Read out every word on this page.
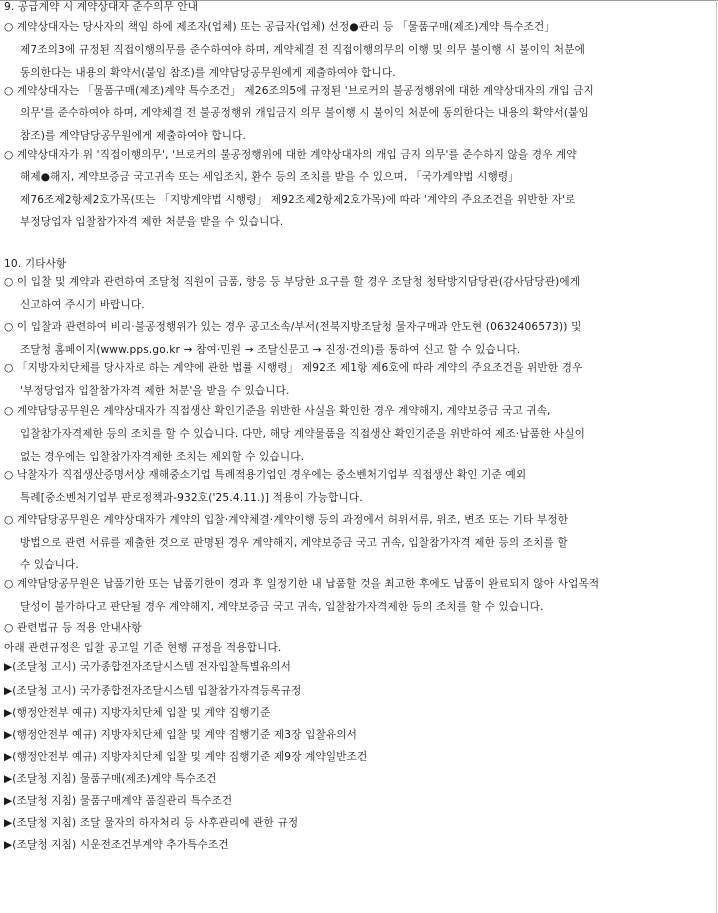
9. 공급계약 시 계약상대자 준수의무 안내
○ 계약상대자는 당사자의 책임 하에 제조자(업체) 또는 공급자(업체) 선정●관리 등 「물품구매(제조)계약 특수조건」
제7조의3에 규정된 직접이행의무를 준수하여야 하며, 계약체결 전 직접이행의무의 이행 및 의무 불이행 시 불이익 처분에
동의한다는 내용의 확약서(붙임 참조)를 계약담당공무원에게 제출하여야 합니다.
○ 계약상대자는 「물품구매(제조)계약 특수조건」 제26조의5에 규정된 '브로커의 불공정행위에 대한 계약상대자의 개입 금지
의무'를 준수하여야 하며, 계약체결 전 불공정행위 개입금지 의무 불이행 시 불이익 처분에 동의한다는 내용의 확약서(붙임
참조)를 계약담당공무원에게 제출하여야 합니다.
○ 계약상대자가 위 '직접이행의무', '브로커의 불공정행위에 대한 계약상대자의 개입 금지 의무'를 준수하지 않을 경우 계약
해제●해지, 계약보증금 국고귀속 또는 세입조치, 환수 등의 조치를 받을 수 있으며, 「국가계약법 시행령」
제76조제2항제2호가목(또는 「지방계약법 시행령」 제92조제2항제2호가목)에 따라 '계약의 주요조건을 위반한 자'로
부정당업자 입찰참가자격 제한 처분을 받을 수 있습니다.
10. 기타사항
○ 이 입찰 및 계약과 관련하여 조달청 직원이 금품, 향응 등 부당한 요구를 할 경우 조달청 청탁방지담당관(감사담당관)에게
신고하여 주시기 바랍니다.
○ 이 입찰과 관련하여 비리·불공정행위가 있는 경우 공고소속/부서(전북지방조달청 물자구매과 안도현 (0632406573)) 및
조달청 홈페이지(www.pps.go.kr → 참여·민원 → 조달신문고 → 진정·건의)를 통하여 신고 할 수 있습니다.
○ 「지방자치단체를 당사자로 하는 계약에 관한 법률 시행령」 제92조 제1항 제6호에 따라 계약의 주요조건을 위반한 경우
'부정당업자 입찰참가자격 제한 처분'을 받을 수 있습니다.
○ 계약담당공무원은 계약상대자가 직접생산 확인기준을 위반한 사실을 확인한 경우 계약해지, 계약보증금 국고 귀속,
입찰참가자격제한 등의 조치를 할 수 있습니다. 다만, 해당 계약물품을 직접생산 확인기준을 위반하여 제조·납품한 사실이
없는 경우에는 입찰참가자격제한 조치는 제외할 수 있습니다.
○ 낙찰자가 직접생산증명서상 재해중소기업 특례적용기업인 경우에는 중소벤처기업부 직접생산 확인 기준 예외
특례[중소벤처기업부 판로정책과-932호('25.4.11.)] 적용이 가능합니다.
○ 계약담당공무원은 계약상대자가 계약의 입찰·계약체결·계약이행 등의 과정에서 허위서류, 위조, 변조 또는 기타 부정한
방법으로 관련 서류를 제출한 것으로 판명된 경우 계약해지, 계약보증금 국고 귀속, 입찰참가자격 제한 등의 조치를 할
수 있습니다.
○ 계약담당공무원은 납품기한 또는 납품기한이 경과 후 일정기한 내 납품할 것을 최고한 후에도 납품이 완료되지 않아 사업목적
달성이 불가하다고 판단될 경우 계약해지, 계약보증금 국고 귀속, 입찰참가자격제한 등의 조치를 할 수 있습니다.
○ 관련법규 등 적용 안내사항
아래 관련규정은 입찰 공고일 기준 현행 규정을 적용합니다.
▶(조달청 고시) 국가종합전자조달시스템 전자입찰특별유의서
▶(조달청 고시) 국가종합전자조달시스템 입찰참가자격등록규정
▶(행정안전부 예규) 지방자치단체 입찰 및 계약 집행기준
▶(행정안전부 예규) 지방자치단체 입찰 및 계약 집행기준 제3장 입찰유의서
▶(행정안전부 예규) 지방자치단체 입찰 및 계약 집행기준 제9장 계약일반조건
▶(조달청 지침) 물품구매(제조)계약 특수조건
▶(조달청 지침) 물품구매계약 품질관리 특수조건
▶(조달청 지침) 조달 물자의 하자처리 등 사후관리에 관한 규정
▶(조달청 지침) 시운전조건부계약 추가특수조건
